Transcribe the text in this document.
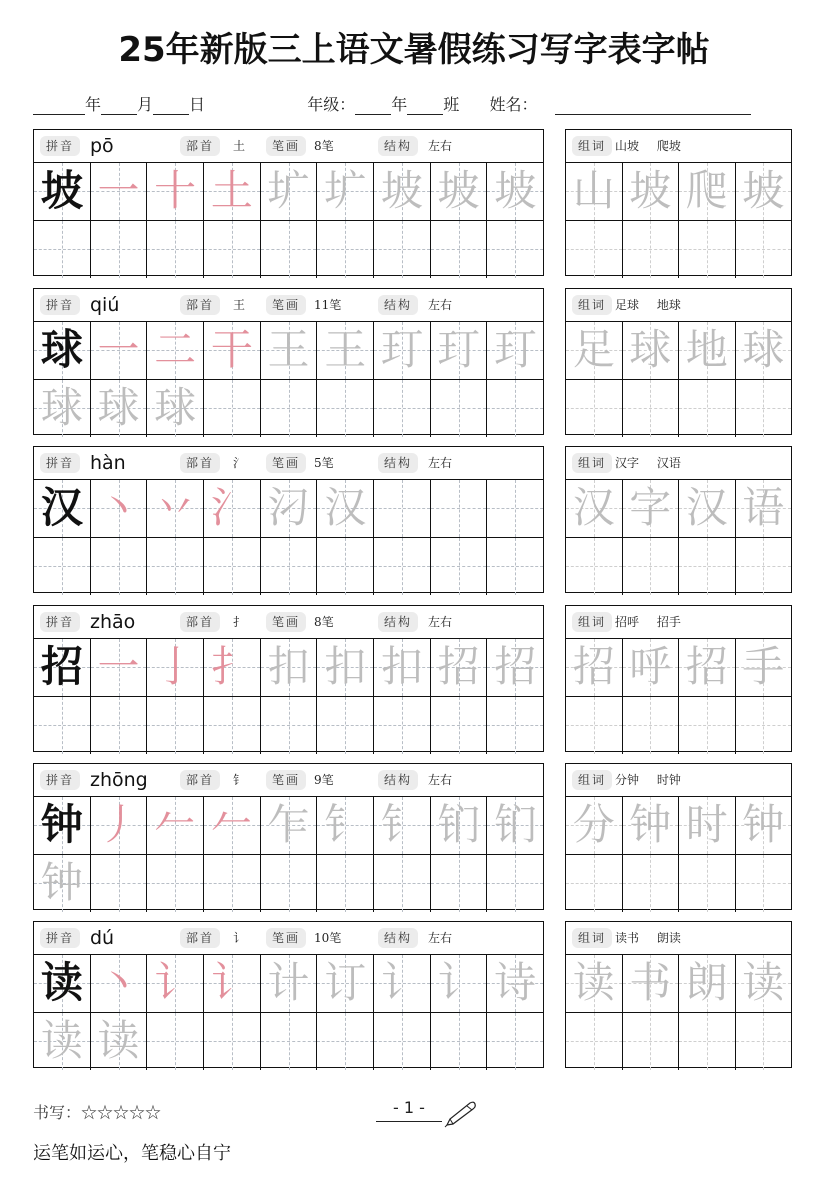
25年新版三上语文暑假练习写字表字帖
年 月 日	年级： 年 班 姓名：
拼音 pō	部首	土	笔画	8笔	结构	左右
坡 一 十 土 圹 圹 坡 坡 坡
组词 山坡 爬坡
山 坡 爬 坡
拼音 qiú	部首	王	笔画	11笔	结构	左右
球 一 二 干 王 王 玎 玎 玎
球 球 球
组词 足球 地球
足 球 地 球
拼音 hàn	部首	氵	笔画	5笔	结构	左右
汉 丶 丷 氵 汈 汉
组词 汉字 汉语
汉 字 汉 语
拼音 zhāo	部首	扌	笔画	8笔	结构	左右
招 一 亅 扌 扣 扣 扣 招 招
组词 招呼 招手
招 呼 招 手
拼音 zhōng	部首	钅	笔画	9笔	结构	左右
钟 丿 𠂉 𠂉 乍 钅 钅 钔 钔
钟
组词 分钟 时钟
分 钟 时 钟
拼音 dú	部首	讠	笔画	10笔	结构	左右
读 丶 讠 讠 计 订 讠 讠 诗
读 读
组词 读书 朗读
读 书 朗 读
书写：☆☆☆☆☆	- 1 -
运笔如运心，笔稳心自宁
